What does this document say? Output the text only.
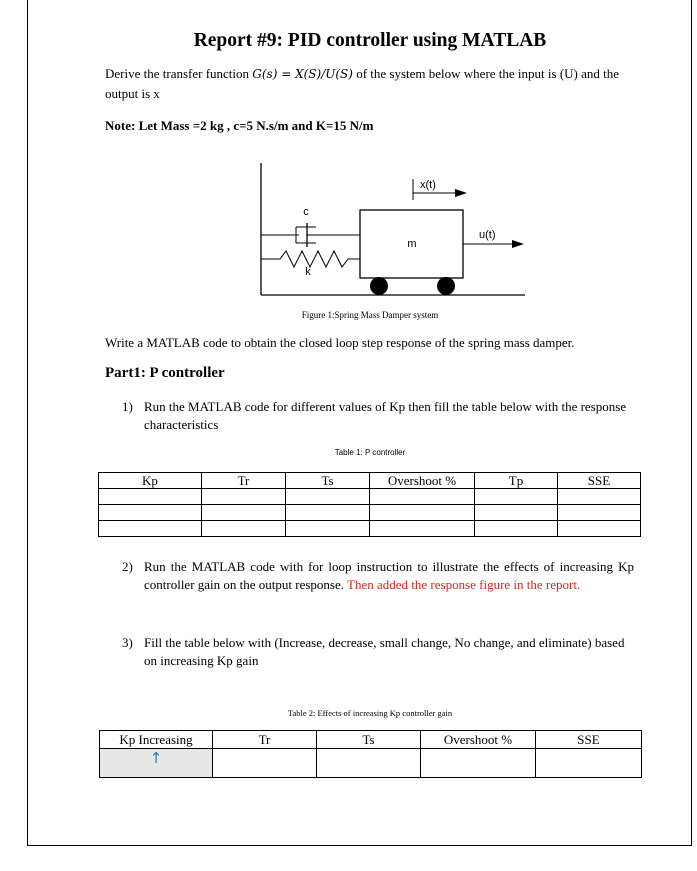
Report #9: PID controller using MATLAB
Derive the transfer function G(s) = X(S)/U(S) of the system below where the input is (U) and the output is x
Note: Let Mass =2 kg , c=5 N.s/m and K=15 N/m
c
k
m
x(t)
u(t)
Figure 1:Spring Mass Damper system
Write a MATLAB code to obtain the closed loop step response of the spring mass damper.
Part1: P controller
1) Run the MATLAB code for different values of Kp then fill the table below with the response characteristics
Table 1: P controller
Kp	Tr	Ts	Overshoot %	Tp	SSE

2) Run the MATLAB code with for loop instruction to illustrate the effects of increasing Kp controller gain on the output response. Then added the response figure in the report.
3) Fill the table below with (Increase, decrease, small change, No change, and eliminate) based on increasing Kp gain
Table 2: Effects of increasing Kp controller gain
Kp Increasing	Tr	Ts	Overshoot %	SSE

↑				
